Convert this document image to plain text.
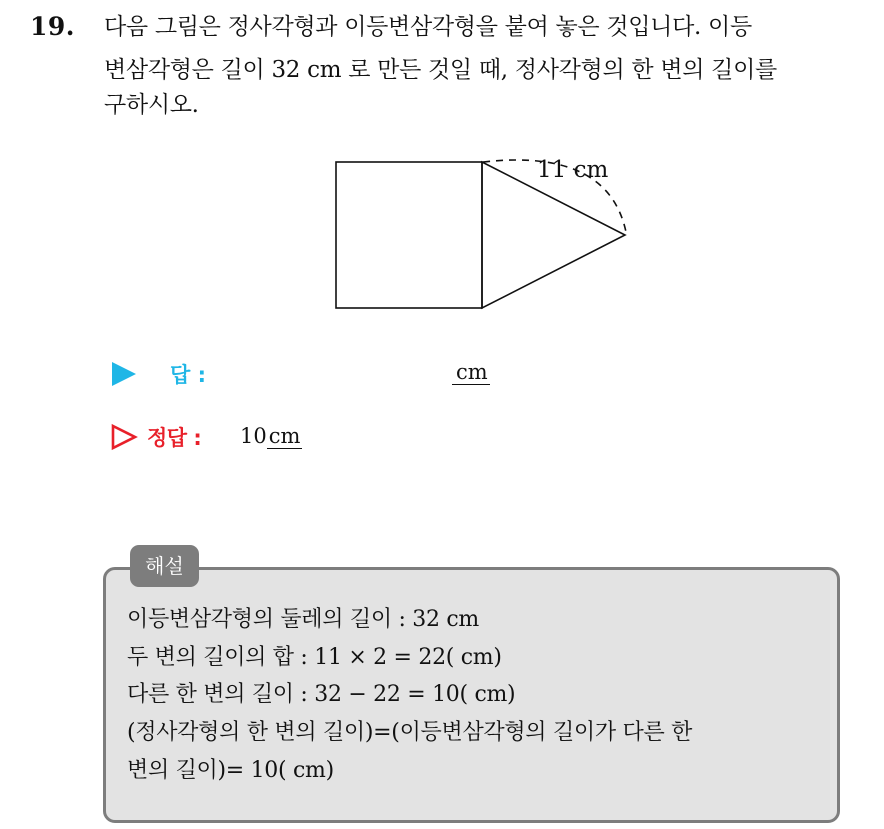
19. 다음 그림은 정사각형과 이등변삼각형을 붙여 놓은 것입니다. 이등
변삼각형은 길이 32 cm 로 만든 것일 때, 정사각형의 한 변의 길이를
구하시오.
11 cm
답 :	cm
정답 : 10cm
해설
이등변삼각형의 둘레의 길이 : 32 cm
두 변의 길이의 합 : 11 × 2 = 22( cm)
다른 한 변의 길이 : 32 − 22 = 10( cm)
(정사각형의 한 변의 길이)=(이등변삼각형의 길이가 다른 한
변의 길이)= 10( cm)
